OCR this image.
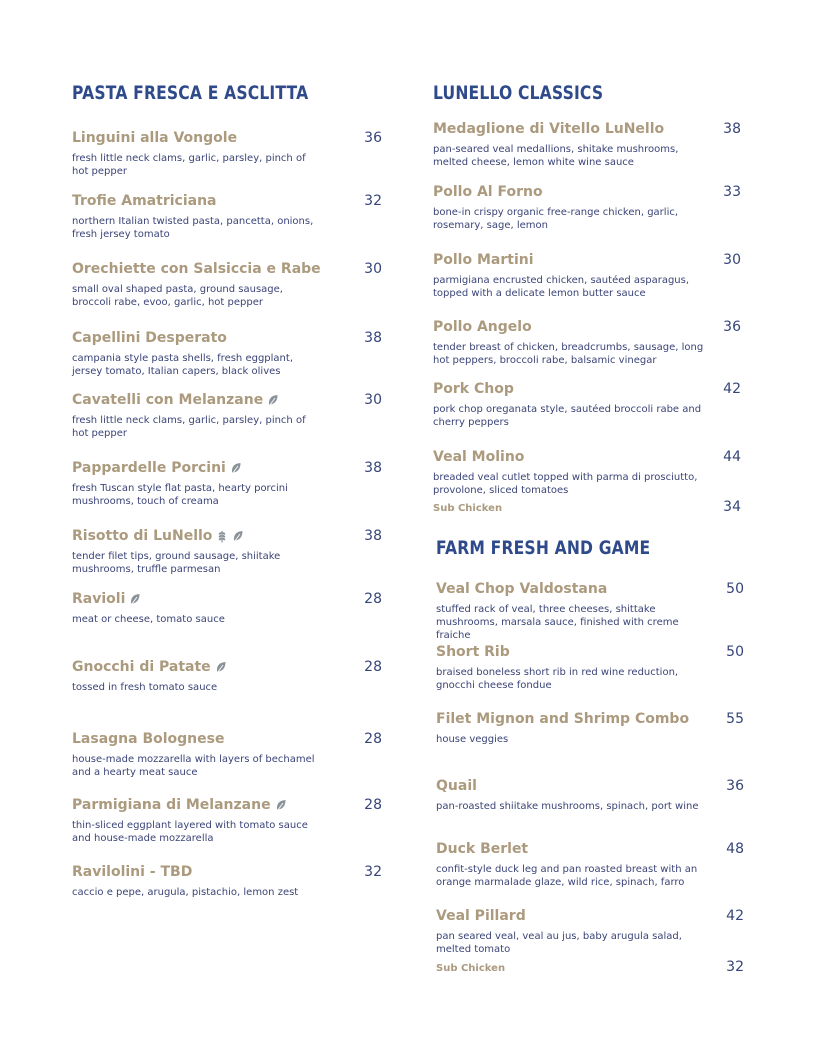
PASTA FRESCA E ASCLITTA
Linguini alla Vongole	36
fresh little neck clams, garlic, parsley, pinch of hot pepper
Trofie Amatriciana	32
northern Italian twisted pasta, pancetta, onions, fresh jersey tomato
Orechiette con Salsiccia e Rabe	30
small oval shaped pasta, ground sausage, broccoli rabe, evoo, garlic, hot pepper
Capellini Desperato	38
campania style pasta shells, fresh eggplant, jersey tomato, Italian capers, black olives
Cavatelli con Melanzane	30
fresh little neck clams, garlic, parsley, pinch of hot pepper
Pappardelle Porcini	38
fresh Tuscan style flat pasta, hearty porcini mushrooms, touch of creama
Risotto di LuNello	38
tender filet tips, ground sausage, shiitake mushrooms, truffle parmesan
Ravioli	28
meat or cheese, tomato sauce
Gnocchi di Patate	28
tossed in fresh tomato sauce
Lasagna Bolognese	28
house-made mozzarella with layers of bechamel and a hearty meat sauce
Parmigiana di Melanzane	28
thin-sliced eggplant layered with tomato sauce and house-made mozzarella
Ravilolini - TBD	32
caccio e pepe, arugula, pistachio, lemon zest
LUNELLO CLASSICS
Medaglione di Vitello LuNello	38
pan-seared veal medallions, shitake mushrooms, melted cheese, lemon white wine sauce
Pollo Al Forno	33
bone-in crispy organic free-range chicken, garlic, rosemary, sage, lemon
Pollo Martini	30
parmigiana encrusted chicken, sautéed asparagus, topped with a delicate lemon butter sauce
Pollo Angelo	36
tender breast of chicken, breadcrumbs, sausage, long hot peppers, broccoli rabe, balsamic vinegar
Pork Chop	42
pork chop oreganata style, sautéed broccoli rabe and cherry peppers
Veal Molino	44
breaded veal cutlet topped with parma di prosciutto, provolone, sliced tomatoes
Sub Chicken	34
FARM FRESH AND GAME
Veal Chop Valdostana	50
stuffed rack of veal, three cheeses, shittake mushrooms, marsala sauce, finished with creme fraiche
Short Rib	50
braised boneless short rib in red wine reduction, gnocchi cheese fondue
Filet Mignon and Shrimp Combo	55
house veggies
Quail	36
pan-roasted shiitake mushrooms, spinach, port wine
Duck Berlet	48
confit-style duck leg and pan roasted breast with an orange marmalade glaze, wild rice, spinach, farro
Veal Pillard	42
pan seared veal, veal au jus, baby arugula salad, melted tomato
Sub Chicken	32
